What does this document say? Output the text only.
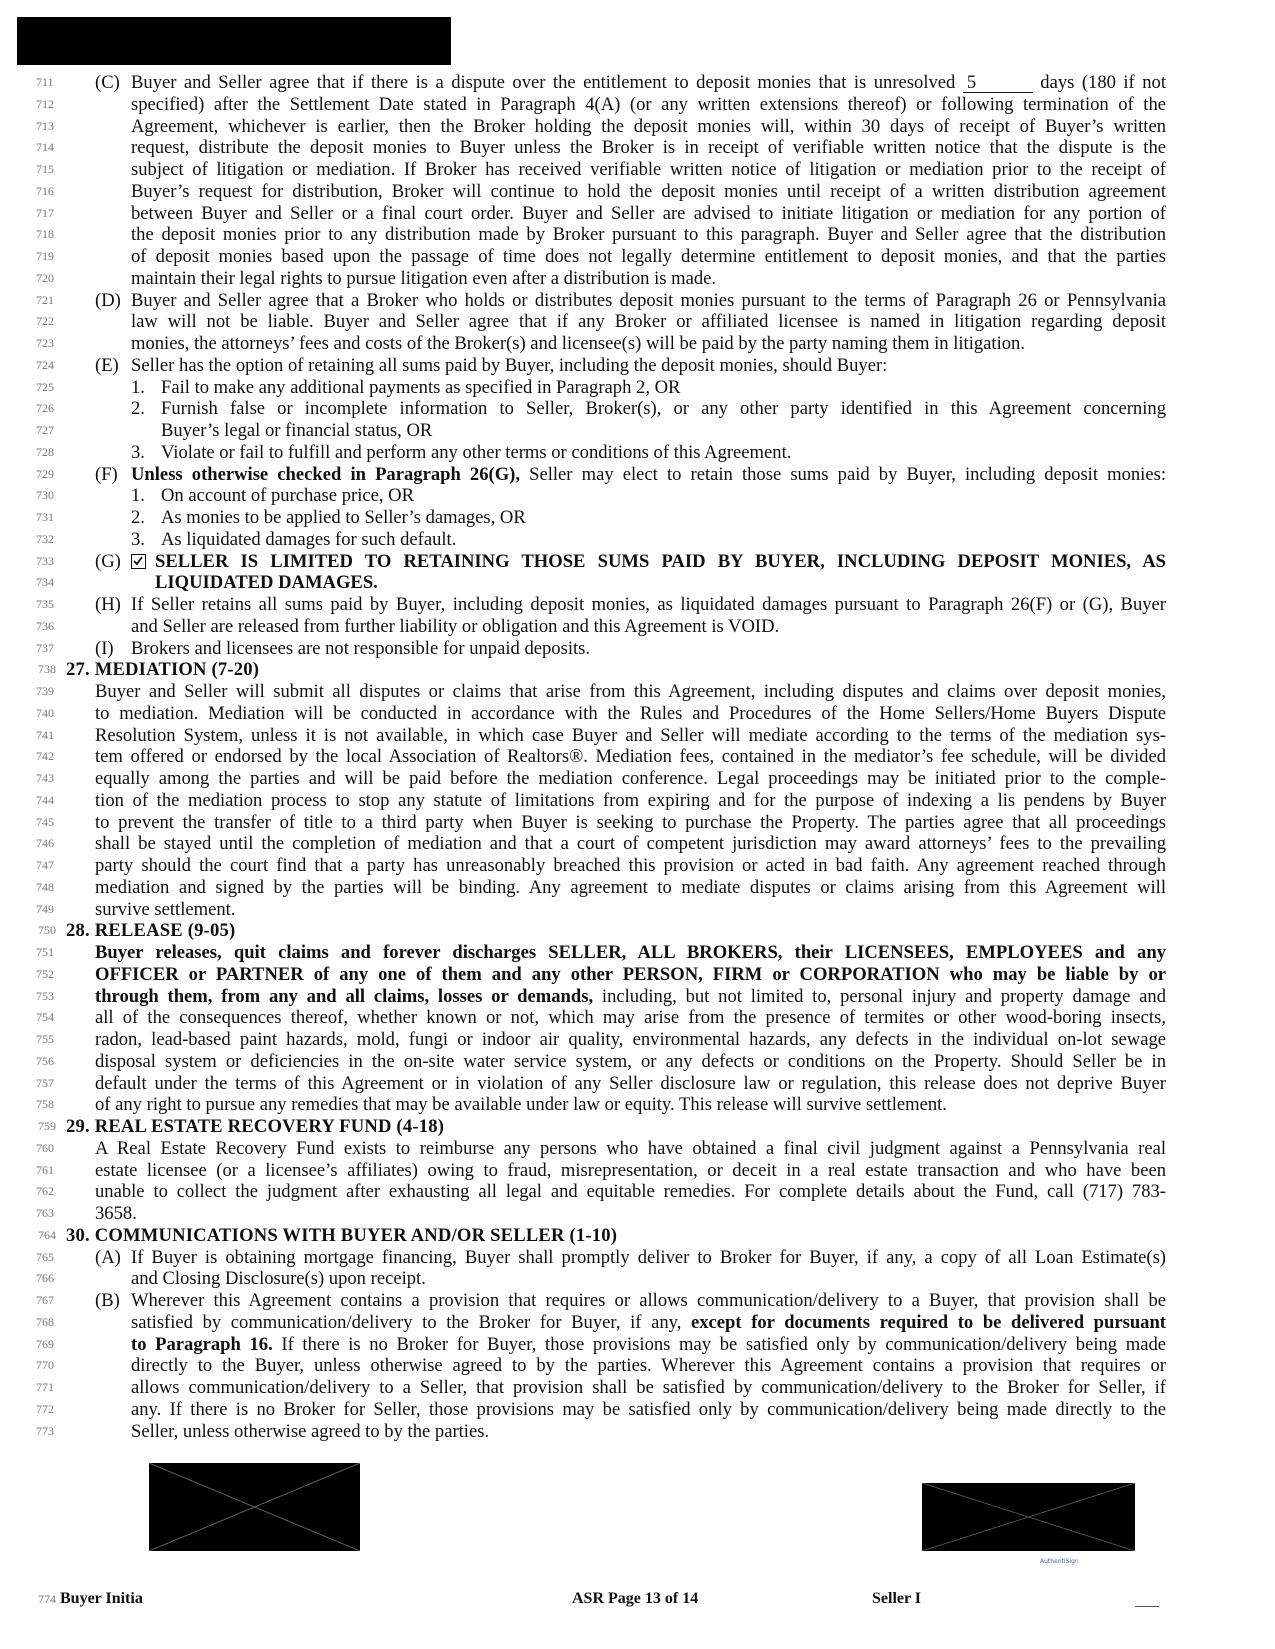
711 (C) Buyer and Seller agree that if there is a dispute over the entitlement to deposit monies that is unresolved 5	days (180 if not
712	specified) after the Settlement Date stated in Paragraph 4(A) (or any written extensions thereof) or following termination of the
713	Agreement, whichever is earlier, then the Broker holding the deposit monies will, within 30 days of receipt of Buyer’s written
714	request, distribute the deposit monies to Buyer unless the Broker is in receipt of verifiable written notice that the dispute is the
715	subject of litigation or mediation. If Broker has received verifiable written notice of litigation or mediation prior to the receipt of
716	Buyer’s request for distribution, Broker will continue to hold the deposit monies until receipt of a written distribution agreement
717	between Buyer and Seller or a final court order. Buyer and Seller are advised to initiate litigation or mediation for any portion of
718	the deposit monies prior to any distribution made by Broker pursuant to this paragraph. Buyer and Seller agree that the distribution
719	of deposit monies based upon the passage of time does not legally determine entitlement to deposit monies, and that the parties
720	maintain their legal rights to pursue litigation even after a distribution is made.
721 (D) Buyer and Seller agree that a Broker who holds or distributes deposit monies pursuant to the terms of Paragraph 26 or Pennsylvania
722	law will not be liable. Buyer and Seller agree that if any Broker or affiliated licensee is named in litigation regarding deposit
723	monies, the attorneys’ fees and costs of the Broker(s) and licensee(s) will be paid by the party naming them in litigation.
724 (E) Seller has the option of retaining all sums paid by Buyer, including the deposit monies, should Buyer:
725	1. Fail to make any additional payments as specified in Paragraph 2, OR
726	2. Furnish false or incomplete information to Seller, Broker(s), or any other party identified in this Agreement concerning
727	Buyer’s legal or financial status, OR
728	3. Violate or fail to fulfill and perform any other terms or conditions of this Agreement.
729 (F) Unless otherwise checked in Paragraph 26(G), Seller may elect to retain those sums paid by Buyer, including deposit monies:
730	1. On account of purchase price, OR
731	2. As monies to be applied to Seller’s damages, OR
732	3. As liquidated damages for such default.
733 (G) SELLER IS LIMITED TO RETAINING THOSE SUMS PAID BY BUYER, INCLUDING DEPOSIT MONIES, AS
734	LIQUIDATED DAMAGES.
735 (H) If Seller retains all sums paid by Buyer, including deposit monies, as liquidated damages pursuant to Paragraph 26(F) or (G), Buyer
736	and Seller are released from further liability or obligation and this Agreement is VOID.
737 (I) Brokers and licensees are not responsible for unpaid deposits.
738 27. MEDIATION (7-20)
739 Buyer and Seller will submit all disputes or claims that arise from this Agreement, including disputes and claims over deposit monies,
740 to mediation. Mediation will be conducted in accordance with the Rules and Procedures of the Home Sellers/Home Buyers Dispute
741 Resolution System, unless it is not available, in which case Buyer and Seller will mediate according to the terms of the mediation sys-
742 tem offered or endorsed by the local Association of Realtors®. Mediation fees, contained in the mediator’s fee schedule, will be divided
743 equally among the parties and will be paid before the mediation conference. Legal proceedings may be initiated prior to the comple-
744 tion of the mediation process to stop any statute of limitations from expiring and for the purpose of indexing a lis pendens by Buyer
745 to prevent the transfer of title to a third party when Buyer is seeking to purchase the Property. The parties agree that all proceedings
746 shall be stayed until the completion of mediation and that a court of competent jurisdiction may award attorneys’ fees to the prevailing
747 party should the court find that a party has unreasonably breached this provision or acted in bad faith. Any agreement reached through
748 mediation and signed by the parties will be binding. Any agreement to mediate disputes or claims arising from this Agreement will
749 survive settlement.
750 28. RELEASE (9-05)
751 Buyer releases, quit claims and forever discharges SELLER, ALL BROKERS, their LICENSEES, EMPLOYEES and any
752 OFFICER or PARTNER of any one of them and any other PERSON, FIRM or CORPORATION who may be liable by or
753 through them, from any and all claims, losses or demands, including, but not limited to, personal injury and property damage and
754 all of the consequences thereof, whether known or not, which may arise from the presence of termites or other wood-boring insects,
755 radon, lead-based paint hazards, mold, fungi or indoor air quality, environmental hazards, any defects in the individual on-lot sewage
756 disposal system or deficiencies in the on-site water service system, or any defects or conditions on the Property. Should Seller be in
757 default under the terms of this Agreement or in violation of any Seller disclosure law or regulation, this release does not deprive Buyer
758 of any right to pursue any remedies that may be available under law or equity. This release will survive settlement.
759 29. REAL ESTATE RECOVERY FUND (4-18)
760 A Real Estate Recovery Fund exists to reimburse any persons who have obtained a final civil judgment against a Pennsylvania real
761 estate licensee (or a licensee’s affiliates) owing to fraud, misrepresentation, or deceit in a real estate transaction and who have been
762 unable to collect the judgment after exhausting all legal and equitable remedies. For complete details about the Fund, call (717) 783-
763 3658.
764 30. COMMUNICATIONS WITH BUYER AND/OR SELLER (1-10)
765 (A) If Buyer is obtaining mortgage financing, Buyer shall promptly deliver to Broker for Buyer, if any, a copy of all Loan Estimate(s)
766	and Closing Disclosure(s) upon receipt.
767 (B) Wherever this Agreement contains a provision that requires or allows communication/delivery to a Buyer, that provision shall be
768	satisfied by communication/delivery to the Broker for Buyer, if any, except for documents required to be delivered pursuant
769	to Paragraph 16. If there is no Broker for Buyer, those provisions may be satisfied only by communication/delivery being made
770	directly to the Buyer, unless otherwise agreed to by the parties. Wherever this Agreement contains a provision that requires or
771	allows communication/delivery to a Seller, that provision shall be satisfied by communication/delivery to the Broker for Seller, if
772	any. If there is no Broker for Seller, those provisions may be satisfied only by communication/delivery being made directly to the
773	Seller, unless otherwise agreed to by the parties.
774 Buyer Initia	ASR Page 13 of 14	Seller I
AuthentiSign
